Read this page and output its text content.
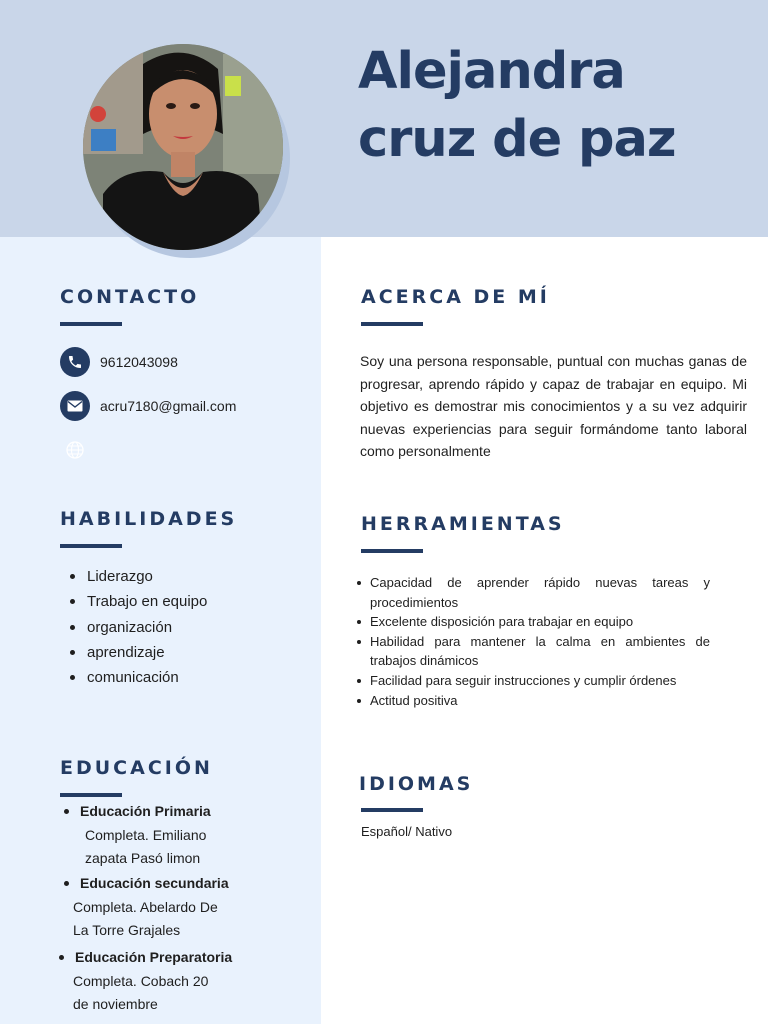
Alejandra
cruz de paz
CONTACTO
9612043098
acru7180@gmail.com
HABILIDADES
Liderazgo
Trabajo en equipo
organización
aprendizaje
comunicación
EDUCACIÓN
Educación Primaria
Completa. Emiliano
zapata Pasó limon
Educación secundaria
Completa. Abelardo De
La Torre Grajales
Educación Preparatoria
Completa. Cobach 20
de noviembre
ACERCA DE MÍ

Soy una persona responsable, puntual con muchas ganas de progresar, aprendo rápido y capaz de trabajar en equipo. Mi objetivo es demostrar mis conocimientos y a su vez adquirir nuevas experiencias para seguir formándome tanto laboral como personalmente

HERRAMIENTAS
Capacidad de aprender rápido nuevas tareas y procedimientos
Excelente disposición para trabajar en equipo
Habilidad para mantener la calma en ambientes de trabajos dinámicos
Facilidad para seguir instrucciones y cumplir órdenes
Actitud positiva
IDIOMAS
Español/ Nativo
